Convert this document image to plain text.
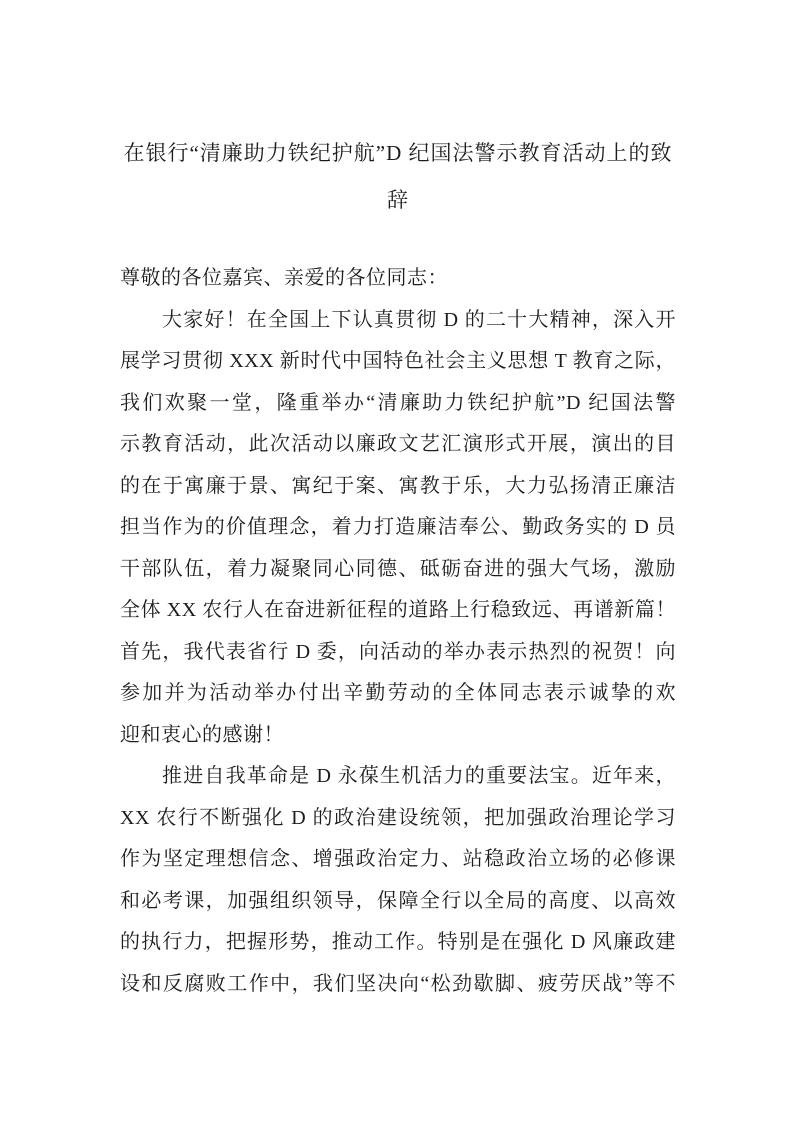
在银行“清廉助力铁纪护航”D 纪国法警示教育活动上的致
辞
尊敬的各位嘉宾、亲爱的各位同志：
大家好！在全国上下认真贯彻 D 的二十大精神，深入开
展学习贯彻 XXX 新时代中国特色社会主义思想 T 教育之际，
我们欢聚一堂，隆重举办“清廉助力铁纪护航”D 纪国法警
示教育活动，此次活动以廉政文艺汇演形式开展，演出的目
的在于寓廉于景、寓纪于案、寓教于乐，大力弘扬清正廉洁
担当作为的价值理念，着力打造廉洁奉公、勤政务实的 D 员
干部队伍，着力凝聚同心同德、砥砺奋进的强大气场，激励
全体 XX 农行人在奋进新征程的道路上行稳致远、再谱新篇！
首先，我代表省行 D 委，向活动的举办表示热烈的祝贺！向
参加并为活动举办付出辛勤劳动的全体同志表示诚挚的欢
迎和衷心的感谢！
推进自我革命是 D 永葆生机活力的重要法宝。近年来，
XX 农行不断强化 D 的政治建设统领，把加强政治理论学习
作为坚定理想信念、增强政治定力、站稳政治立场的必修课
和必考课，加强组织领导，保障全行以全局的高度、以高效
的执行力，把握形势，推动工作。特别是在强化 D 风廉政建
设和反腐败工作中，我们坚决向“松劲歇脚、疲劳厌战”等不
